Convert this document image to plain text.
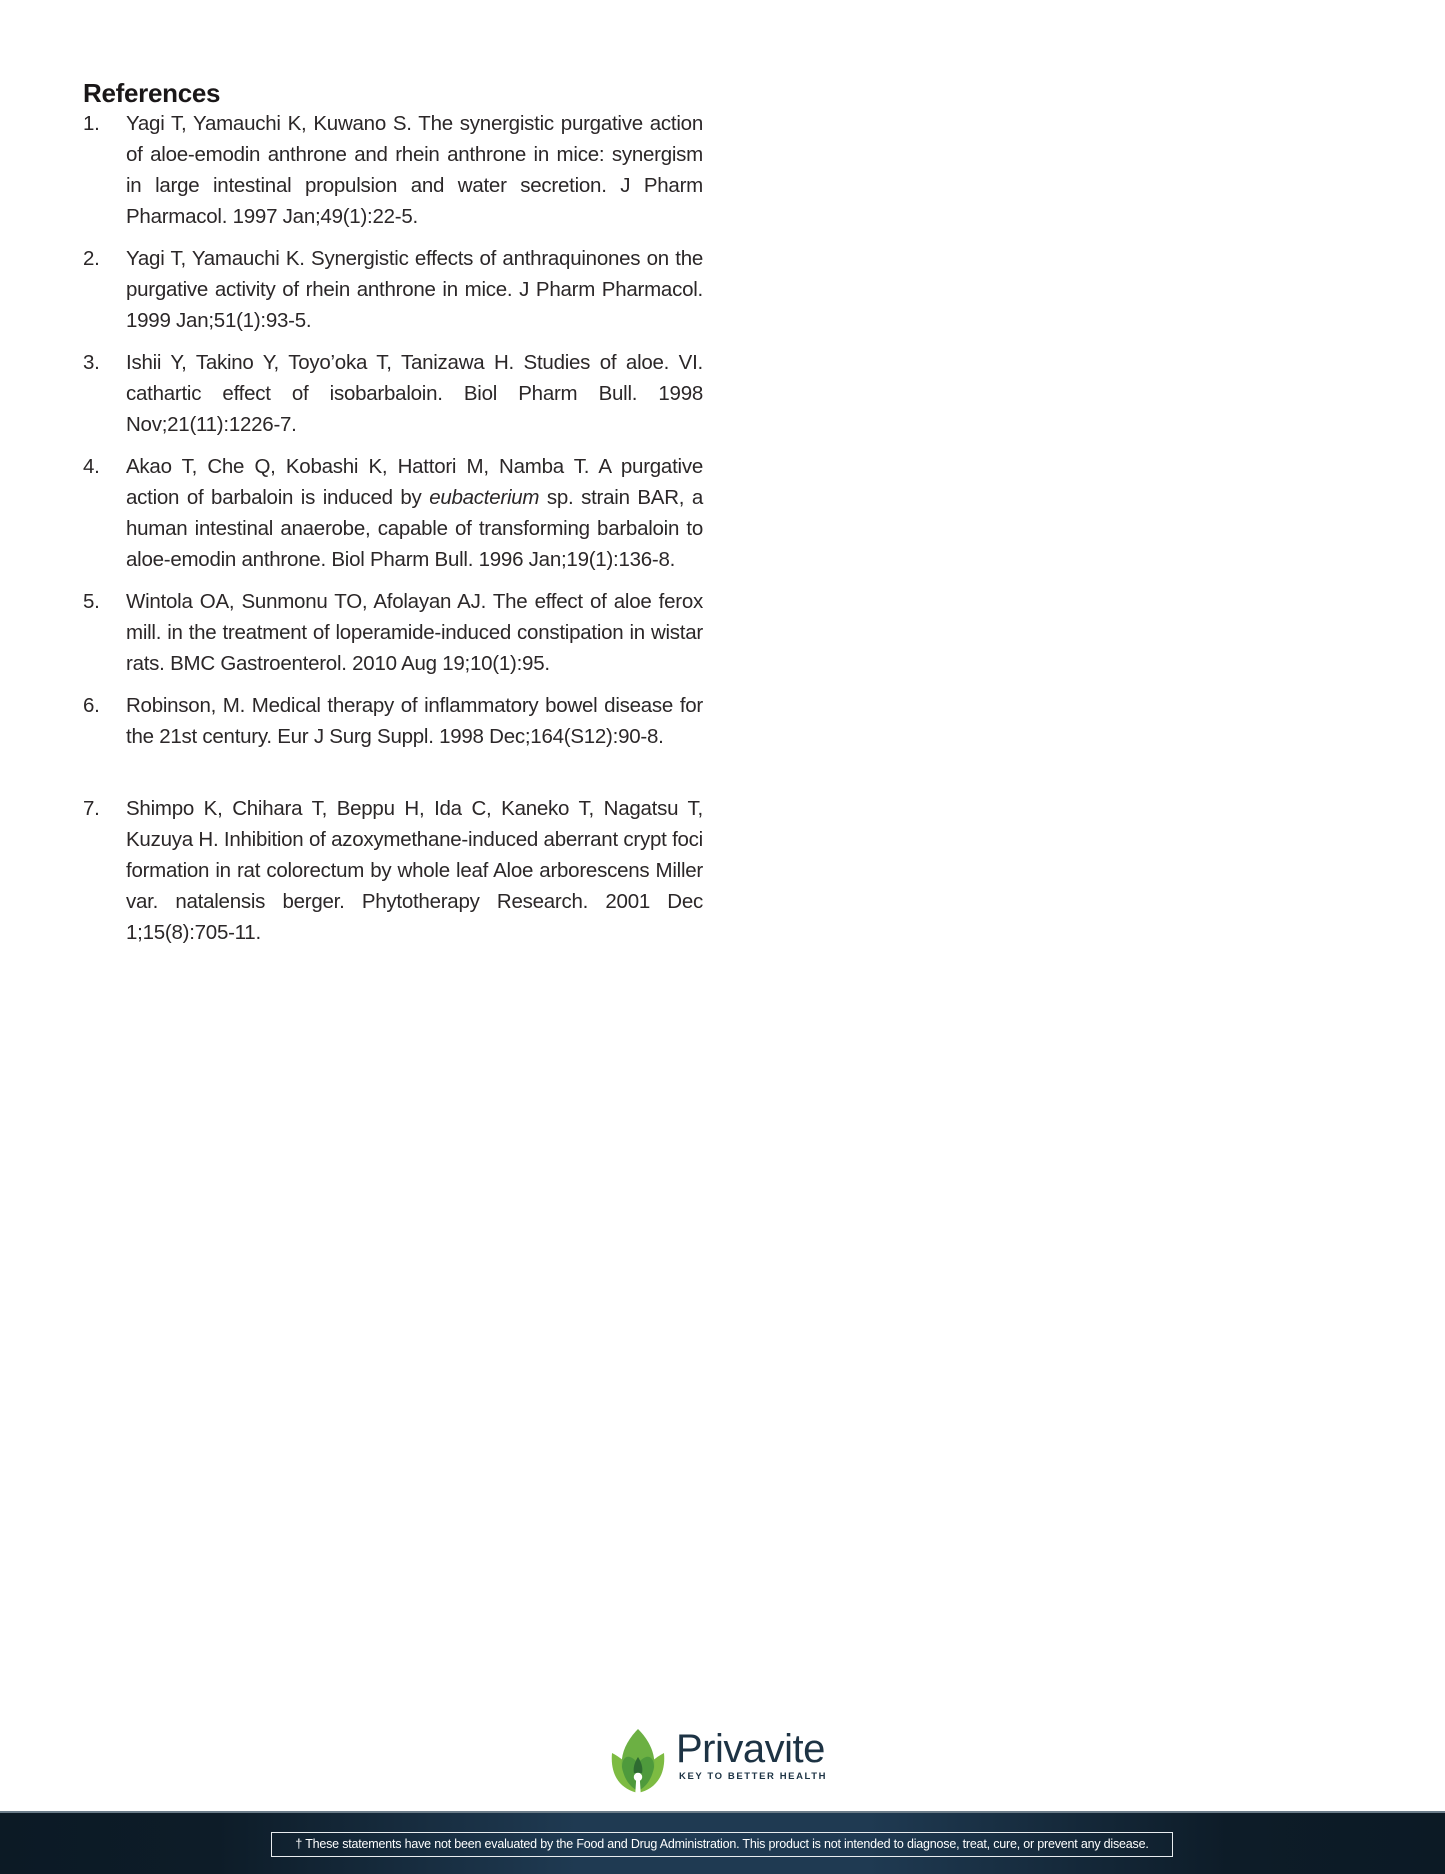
References
1. Yagi T, Yamauchi K, Kuwano S. The synergistic purgative action of aloe-emodin anthrone and rhein anthrone in mice: synergism in large intestinal propulsion and water secretion. J Pharm Pharmacol. 1997 Jan;49(1):22-5.
2. Yagi T, Yamauchi K. Synergistic effects of anthraquinones on the purgative activity of rhein anthrone in mice. J Pharm Pharmacol. 1999 Jan;51(1):93-5.
3. Ishii Y, Takino Y, Toyo’oka T, Tanizawa H. Studies of aloe. VI. cathartic effect of isobarbaloin. Biol Pharm Bull. 1998 Nov;21(11):1226-7.
4. Akao T, Che Q, Kobashi K, Hattori M, Namba T. A purgative action of barbaloin is induced by eubacterium sp. strain BAR, a human intestinal anaerobe, capable of transforming barbaloin to aloe-emodin anthrone. Biol Pharm Bull. 1996 Jan;19(1):136-8.
5. Wintola OA, Sunmonu TO, Afolayan AJ. The effect of aloe ferox mill. in the treatment of loperamide-induced constipation in wistar rats. BMC Gastroenterol. 2010 Aug 19;10(1):95.
6. Robinson, M. Medical therapy of inflammatory bowel disease for the 21st century. Eur J Surg Suppl. 1998 Dec;164(S12):90-8.
7. Shimpo K, Chihara T, Beppu H, Ida C, Kaneko T, Nagatsu T, Kuzuya H. Inhibition of azoxymethane-induced aberrant crypt foci formation in rat colorectum by whole leaf Aloe arborescens Miller var. natalensis berger. Phytotherapy Research. 2001 Dec 1;15(8):705-11.
Privavite
KEY TO BETTER HEALTH
† These statements have not been evaluated by the Food and Drug Administration. This product is not intended to diagnose, treat, cure, or prevent any disease.
